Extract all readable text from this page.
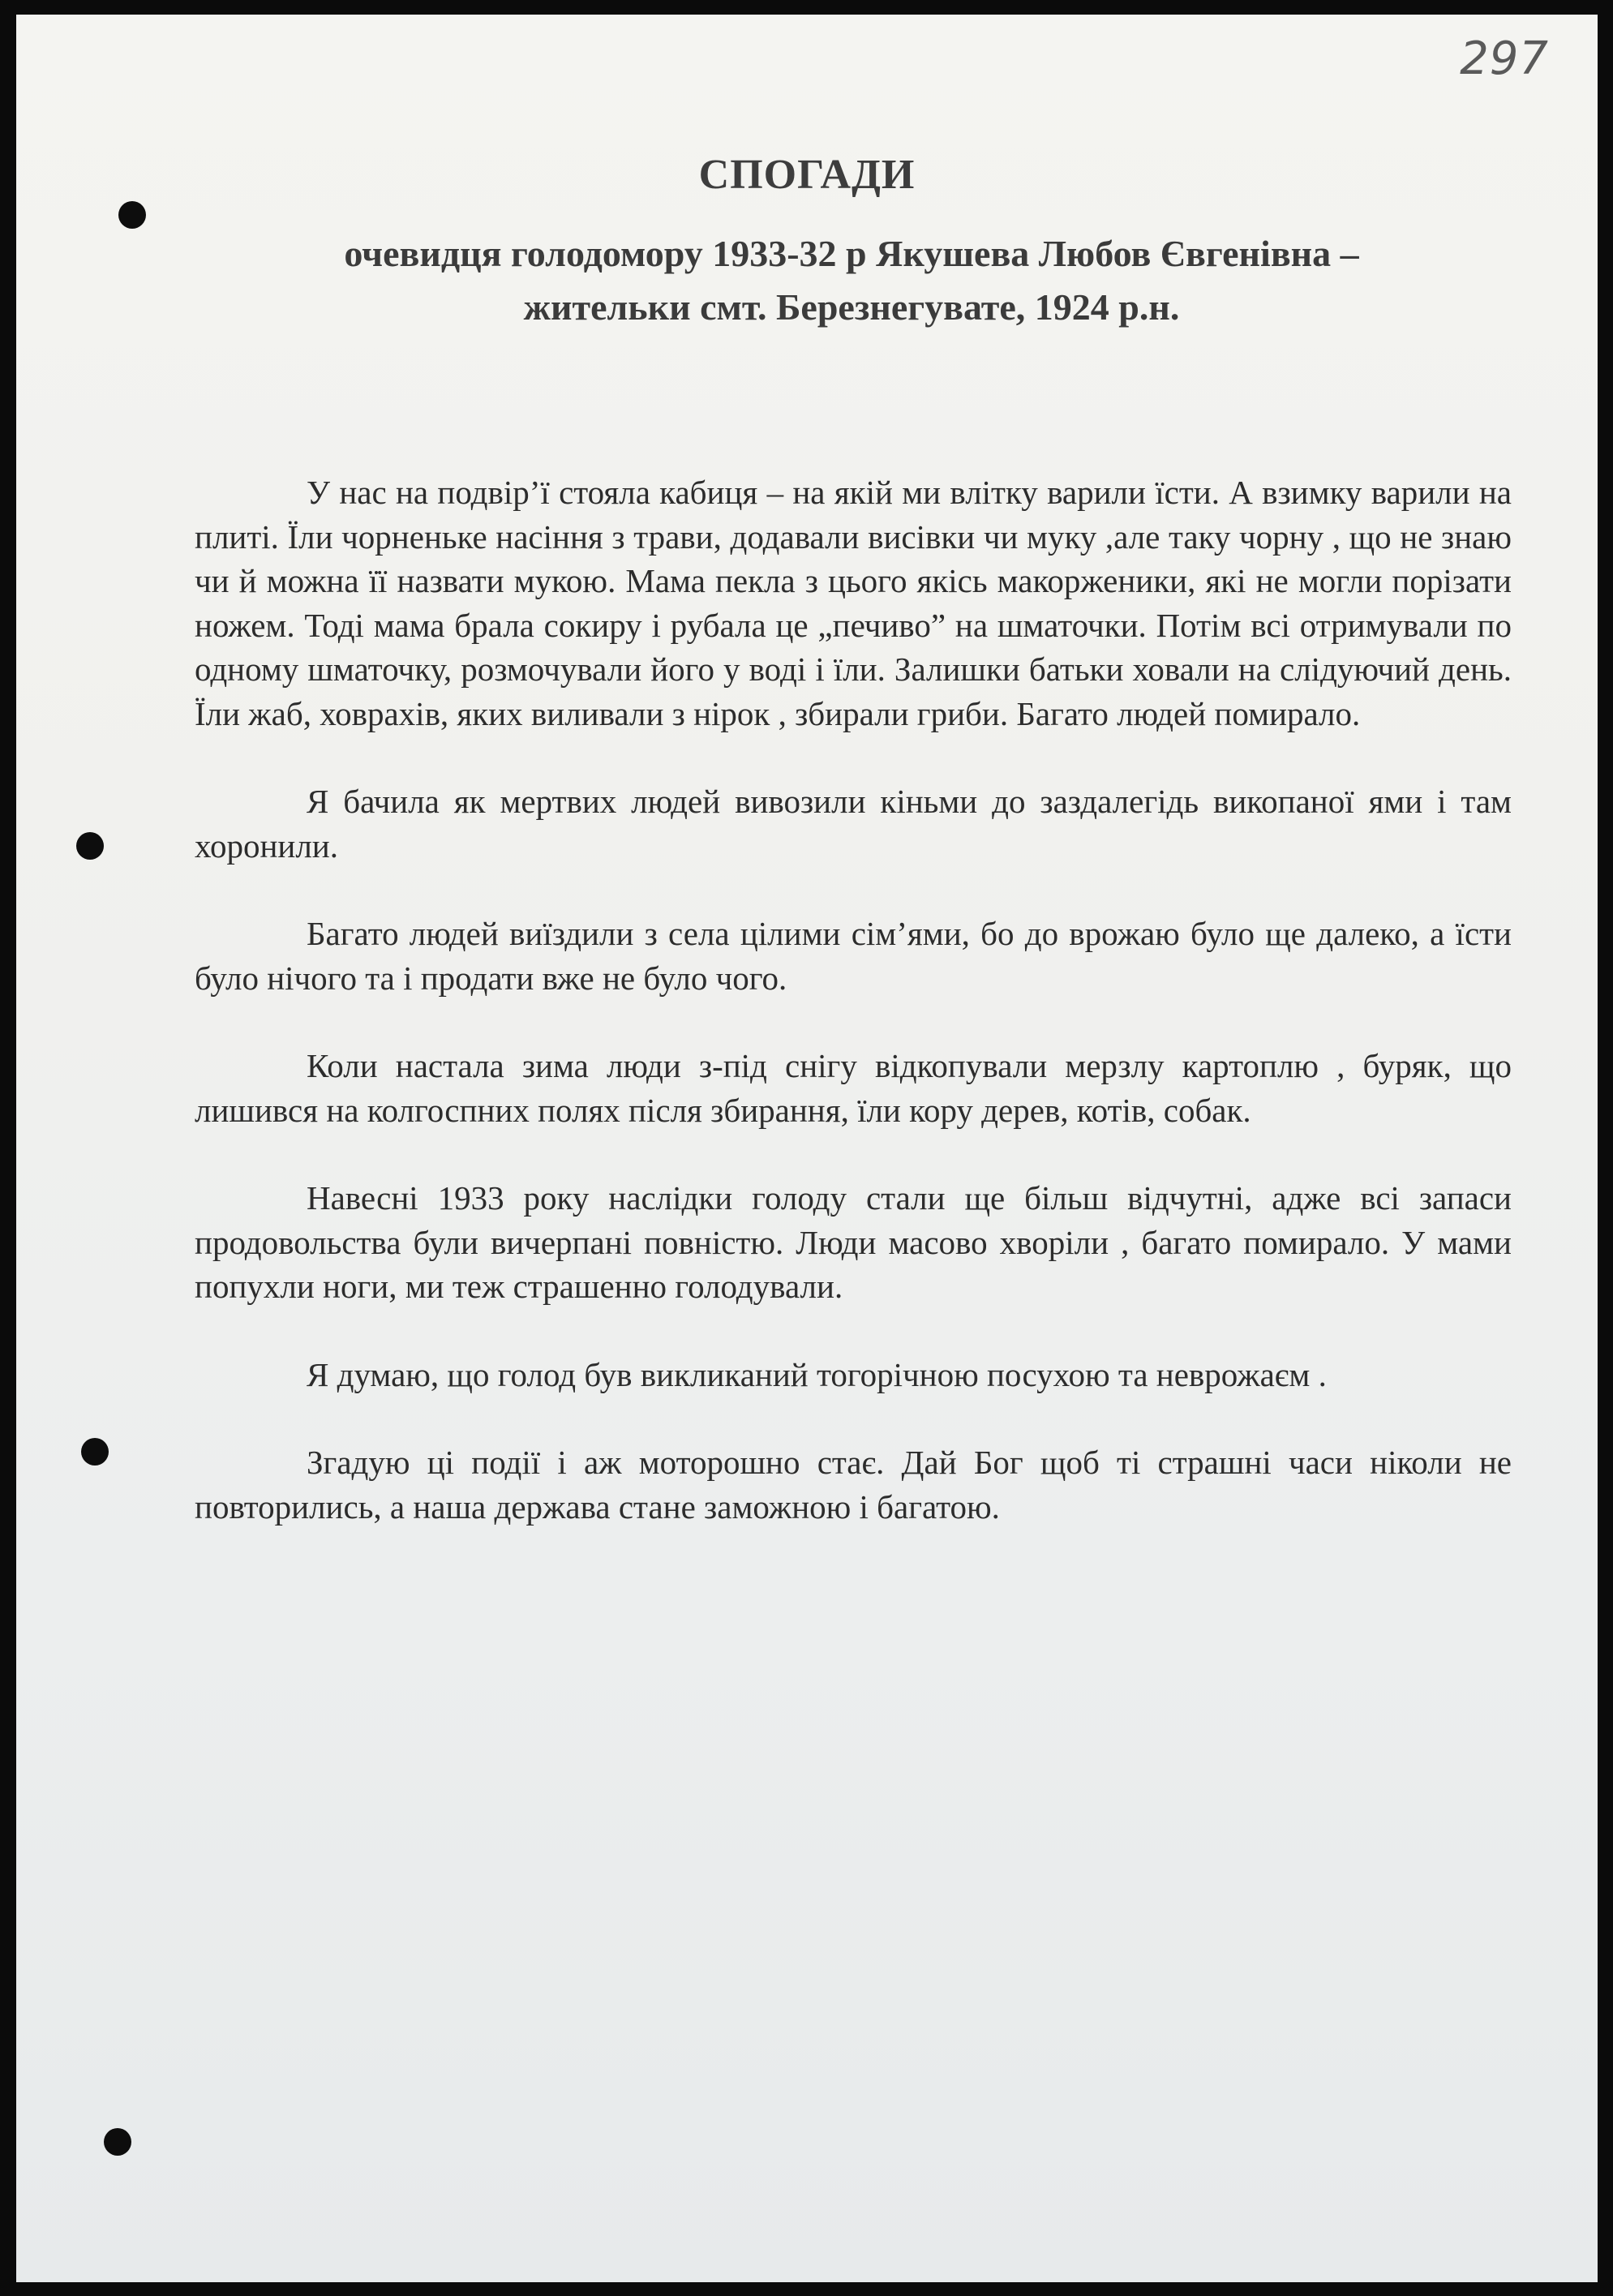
297
СПОГАДИ
очевидця голодомору 1933-32 р Якушева Любов Євгенівна –
жительки смт. Березнегувате, 1924 р.н.

У нас на подвір’ї стояла кабиця – на якій ми влітку варили їсти. А взимку варили на плиті. Їли чорненьке насіння з трави, додавали висівки чи муку ,але таку чорну , що не знаю чи й можна її назвати мукою. Мама пекла з цього якісь макорженики, які не могли порізати ножем. Тоді мама брала сокиру і рубала це „печиво” на шматочки. Потім всі отримували по одному шматочку, розмочували його у воді і їли. Залишки батьки ховали на слідуючий день. Їли жаб, ховрахів, яких виливали з нірок , збирали гриби. Багато людей помирало.

Я бачила як мертвих людей вивозили кіньми до заздалегідь викопаної ями і там хоронили.

Багато людей виїздили з села цілими сім’ями, бо до врожаю було ще далеко, а їсти було нічого та і продати вже не було чого.

Коли настала зима люди з-під снігу відкопували мерзлу картоплю , буряк, що лишився на колгоспних полях після збирання, їли кору дерев, котів, собак.

Навесні 1933 року наслідки голоду стали ще більш відчутні, адже всі запаси продовольства були вичерпані повністю. Люди масово хворіли , багато помирало. У мами попухли ноги, ми теж страшенно голодували.

Я думаю, що голод був викликаний тогорічною посухою та неврожаєм .

Згадую ці події і аж моторошно стає. Дай Бог щоб ті страшні часи ніколи не повторились, а наша держава стане заможною і багатою.
